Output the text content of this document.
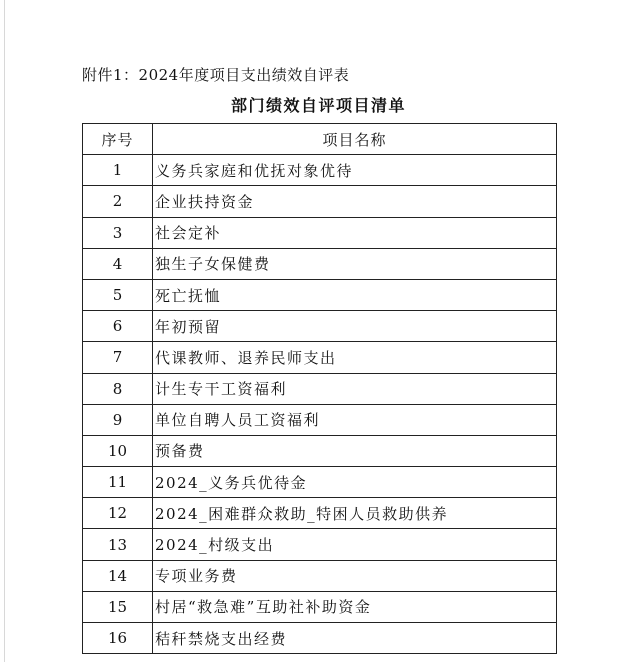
附件1：2024年度项目支出绩效自评表
部门绩效自评项目清单
序号	项目名称
1	义务兵家庭和优抚对象优待
2	企业扶持资金
3	社会定补
4	独生子女保健费
5	死亡抚恤
6	年初预留
7	代课教师、退养民师支出
8	计生专干工资福利
9	单位自聘人员工资福利
10	预备费
11	2024_义务兵优待金
12	2024_困难群众救助_特困人员救助供养
13	2024_村级支出
14	专项业务费
15	村居“救急难”互助社补助资金
16	秸秆禁烧支出经费
